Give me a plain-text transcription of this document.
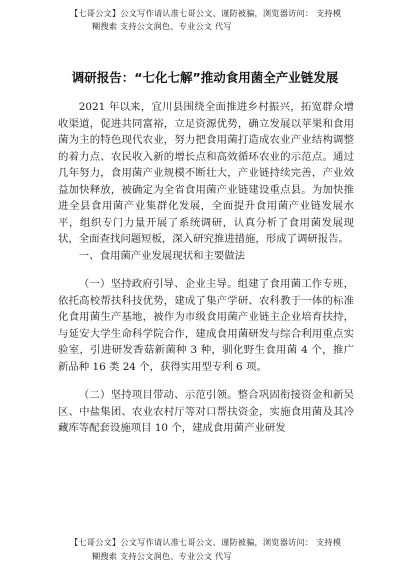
【七哥公文】公文写作请认准七哥公文、谨防被骗，浏览器访问： 支持模
糊搜索 支持公文润色、专业公文 代写
调研报告：“七化七解”推动食用菌全产业链发展

2021 年以来，宜川县围绕全面推进乡村振兴，拓宽群众增收渠道，促进共同富裕，立足资源优势，确立发展以苹果和食用菌为主的特色现代农业，努力把食用菌打造成农业产业结构调整的着力点、农民收入新的增长点和高效循环农业的示范点。通过几年努力，食用菌产业规模不断壮大，产业链持续完善，产业效益加快释放，被确定为全省食用菌产业链建设重点县。为加快推进全县食用菌产业集群化发展，全面提升食用菌产业链发展水平，组织专门力量开展了系统调研，认真分析了食用菌发展现状，全面查找问题短板，深入研究推进措施，形成了调研报告。

一、食用菌产业发展现状和主要做法

（一）坚持政府引导、企业主导。组建了食用菌工作专班，依托高校帮扶科技优势，建成了集产学研、农科教于一体的标准化食用菌生产基地，被作为市级食用菌产业链主企业培育扶持，与延安大学生命科学院合作，建成食用菌研发与综合利用重点实验室，引进研发香菇新菌种 3 种，驯化野生食用菌 4 个，推广新品种 16 类 24 个，获得实用型专利 6 项。

（二）坚持项目带动、示范引领。整合巩固衔接资金和新吴区、中盐集团、农业农村厅等对口帮扶资金，实施食用菌及其冷藏库等配套设施项目 10 个，建成食用菌产业研发

【七哥公文】公文写作请认准七哥公文、谨防被骗，浏览器访问： 支持模
糊搜索 支持公文润色、专业公文 代写
